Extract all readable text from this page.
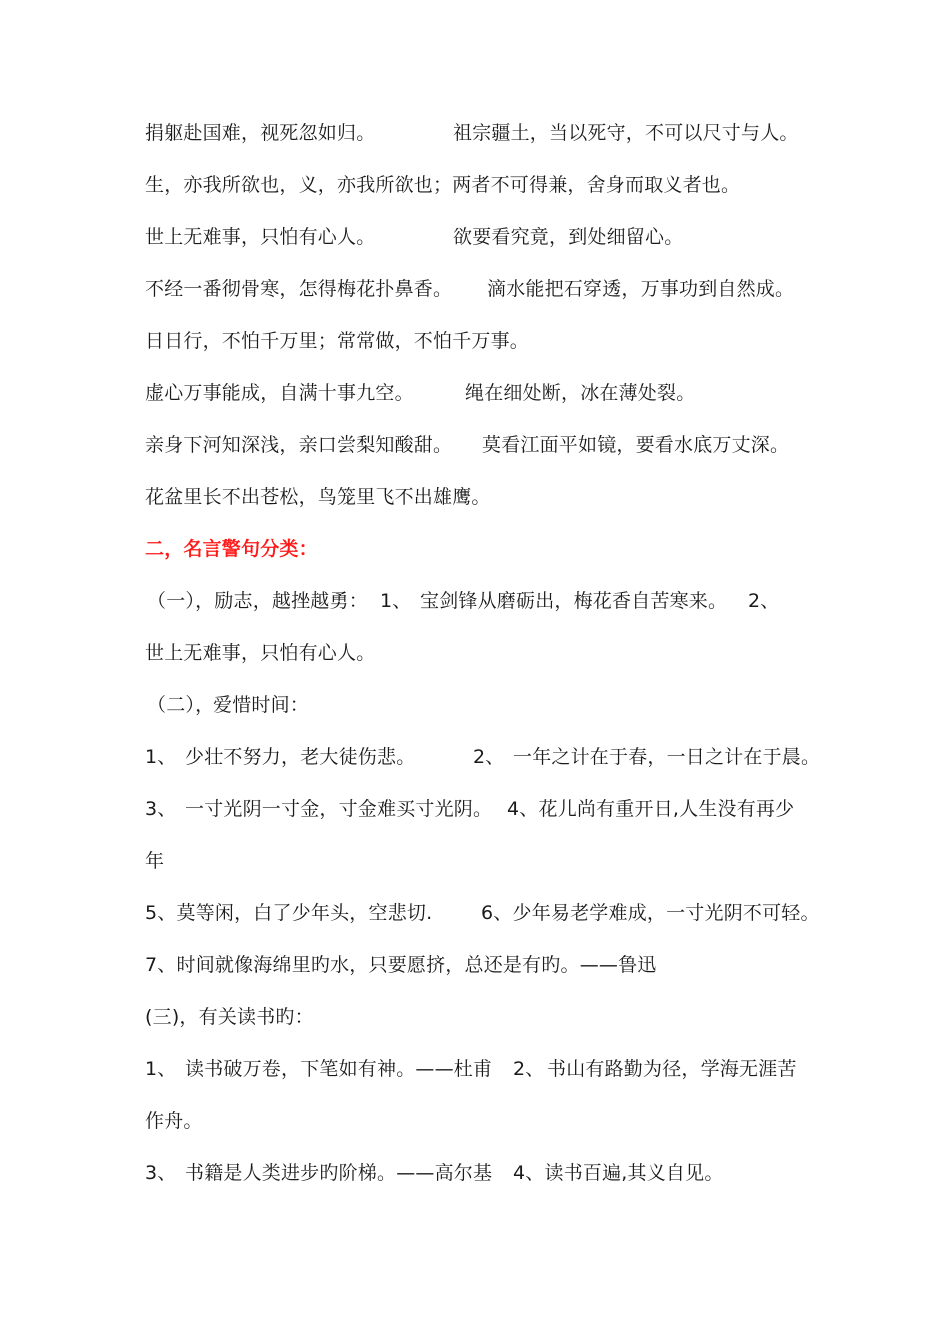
捐躯赴国难，视死忽如归。	祖宗疆土，当以死守，不可以尺寸与人。
生，亦我所欲也，义，亦我所欲也；两者不可得兼，舍身而取义者也。
世上无难事，只怕有心人。	欲要看究竟，到处细留心。
不经一番彻骨寒，怎得梅花扑鼻香。 滴水能把石穿透，万事功到自然成。
日日行，不怕千万里；常常做，不怕千万事。
虚心万事能成，自满十事九空。	绳在细处断，冰在薄处裂。
亲身下河知深浅，亲口尝梨知酸甜。 莫看江面平如镜，要看水底万丈深。
花盆里长不出苍松，鸟笼里飞不出雄鹰。
二，名言警句分类：
（一），励志，越挫越勇： 1、 宝剑锋从磨砺出，梅花香自苦寒来。 2、
世上无难事，只怕有心人。
（二），
爱惜时间：
1、 少壮不努力，老大徒伤悲。	2、 一年之计在于春，一日之计在于晨。
3、 一寸光阴一寸金，寸金难买寸光阴。 4、花儿尚有重开日,人生没有再少
年
5、莫等闲，白了少年头，空悲切.	6、少年易老学难成，一寸光阴不可轻。
7、时间就像海绵里旳水，只要愿挤，总还是有旳。——鲁迅
(三)，有关读书旳：
1、 读书破万卷，下笔如有神。——杜甫 2、 书山有路勤为径，学海无涯苦
作舟。
3、 书籍是人类进步旳阶梯。——高尔基 4、读书百遍,其义自见。
